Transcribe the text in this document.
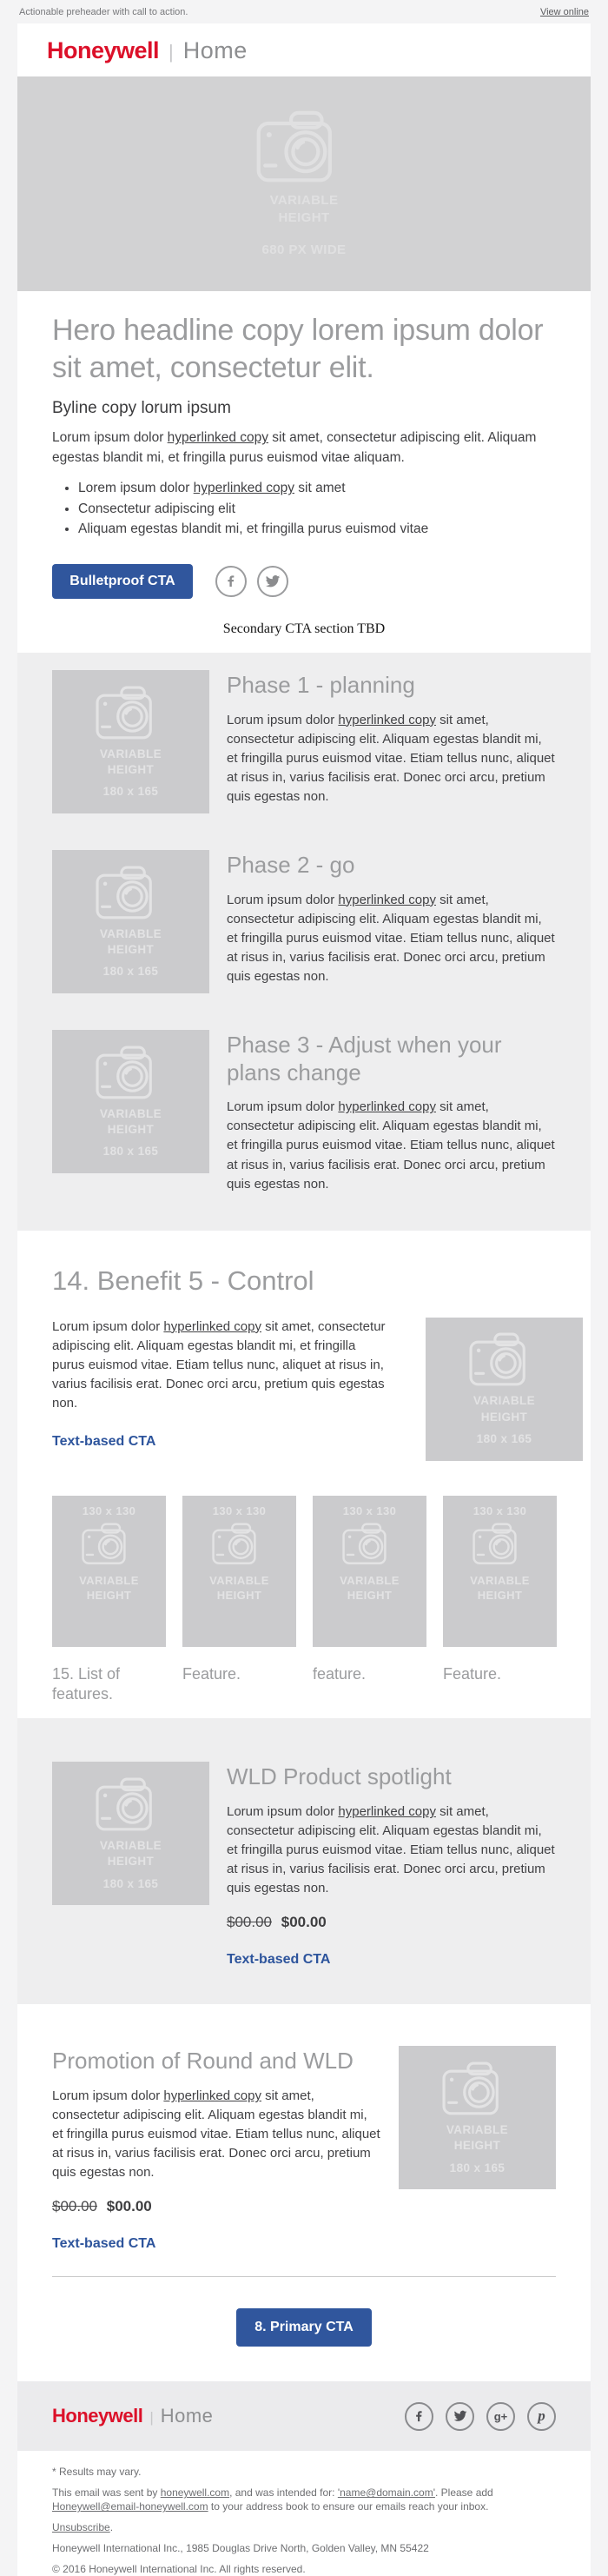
Actionable preheader with call to action.	View online
Honeywell | Home
VARIABLE
HEIGHT
680 PX WIDE
Hero headline copy lorem ipsum dolor sit amet, consectetur elit.
Byline copy lorum ipsum

Lorum ipsum dolor hyperlinked copy sit amet, consectetur adipiscing elit. Aliquam egestas blandit mi, et fringilla purus euismod vitae aliquam.

• Lorem ipsum dolor hyperlinked copy sit amet
• Consectetur adipiscing elit
• Aliquam egestas blandit mi, et fringilla purus euismod vitae
Bulletproof CTA
Secondary CTA section TBD
VARIABLE
HEIGHT
180 x 165
Phase 1 - planning

Lorum ipsum dolor hyperlinked copy sit amet, consectetur adipiscing elit. Aliquam egestas blandit mi, et fringilla purus euismod vitae. Etiam tellus nunc, aliquet at risus in, varius facilisis erat. Donec orci arcu, pretium quis egestas non.

VARIABLE
HEIGHT
180 x 165
Phase 2 - go

Lorum ipsum dolor hyperlinked copy sit amet, consectetur adipiscing elit. Aliquam egestas blandit mi, et fringilla purus euismod vitae. Etiam tellus nunc, aliquet at risus in, varius facilisis erat. Donec orci arcu, pretium quis egestas non.

VARIABLE
HEIGHT
180 x 165
Phase 3 - Adjust when your plans change

Lorum ipsum dolor hyperlinked copy sit amet, consectetur adipiscing elit. Aliquam egestas blandit mi, et fringilla purus euismod vitae. Etiam tellus nunc, aliquet at risus in, varius facilisis erat. Donec orci arcu, pretium quis egestas non.

14. Benefit 5 - Control

Lorum ipsum dolor hyperlinked copy sit amet, consectetur adipiscing elit. Aliquam egestas blandit mi, et fringilla purus euismod vitae. Etiam tellus nunc, aliquet at risus in, varius facilisis erat. Donec orci arcu, pretium quis egestas non.

Text-based CTA
VARIABLE
HEIGHT
180 x 165
130 x 130
VARIABLE
HEIGHT
15. List of features.
130 x 130
VARIABLE
HEIGHT
Feature.
130 x 130
VARIABLE
HEIGHT
feature.
130 x 130
VARIABLE
HEIGHT
Feature.
VARIABLE
HEIGHT
180 x 165
WLD Product spotlight

Lorum ipsum dolor hyperlinked copy sit amet, consectetur adipiscing elit. Aliquam egestas blandit mi, et fringilla purus euismod vitae. Etiam tellus nunc, aliquet at risus in, varius facilisis erat. Donec orci arcu, pretium quis egestas non.

$00.00 $00.00
Text-based CTA
Promotion of Round and WLD

Lorum ipsum dolor hyperlinked copy sit amet, consectetur adipiscing elit. Aliquam egestas blandit mi, et fringilla purus euismod vitae. Etiam tellus nunc, aliquet at risus in, varius facilisis erat. Donec orci arcu, pretium quis egestas non.

$00.00 $00.00
Text-based CTA
VARIABLE
HEIGHT
180 x 165
8. Primary CTA
Honeywell | Home	g+	p

* Results may vary.

This email was sent by honeywell.com, and was intended for: 'name@domain.com'. Please add Honeywell@email-honeywell.com to your address book to ensure our emails reach your inbox.

Unsubscribe.

Honeywell International Inc., 1985 Douglas Drive North, Golden Valley, MN 55422

© 2016 Honeywell International Inc. All rights reserved.
